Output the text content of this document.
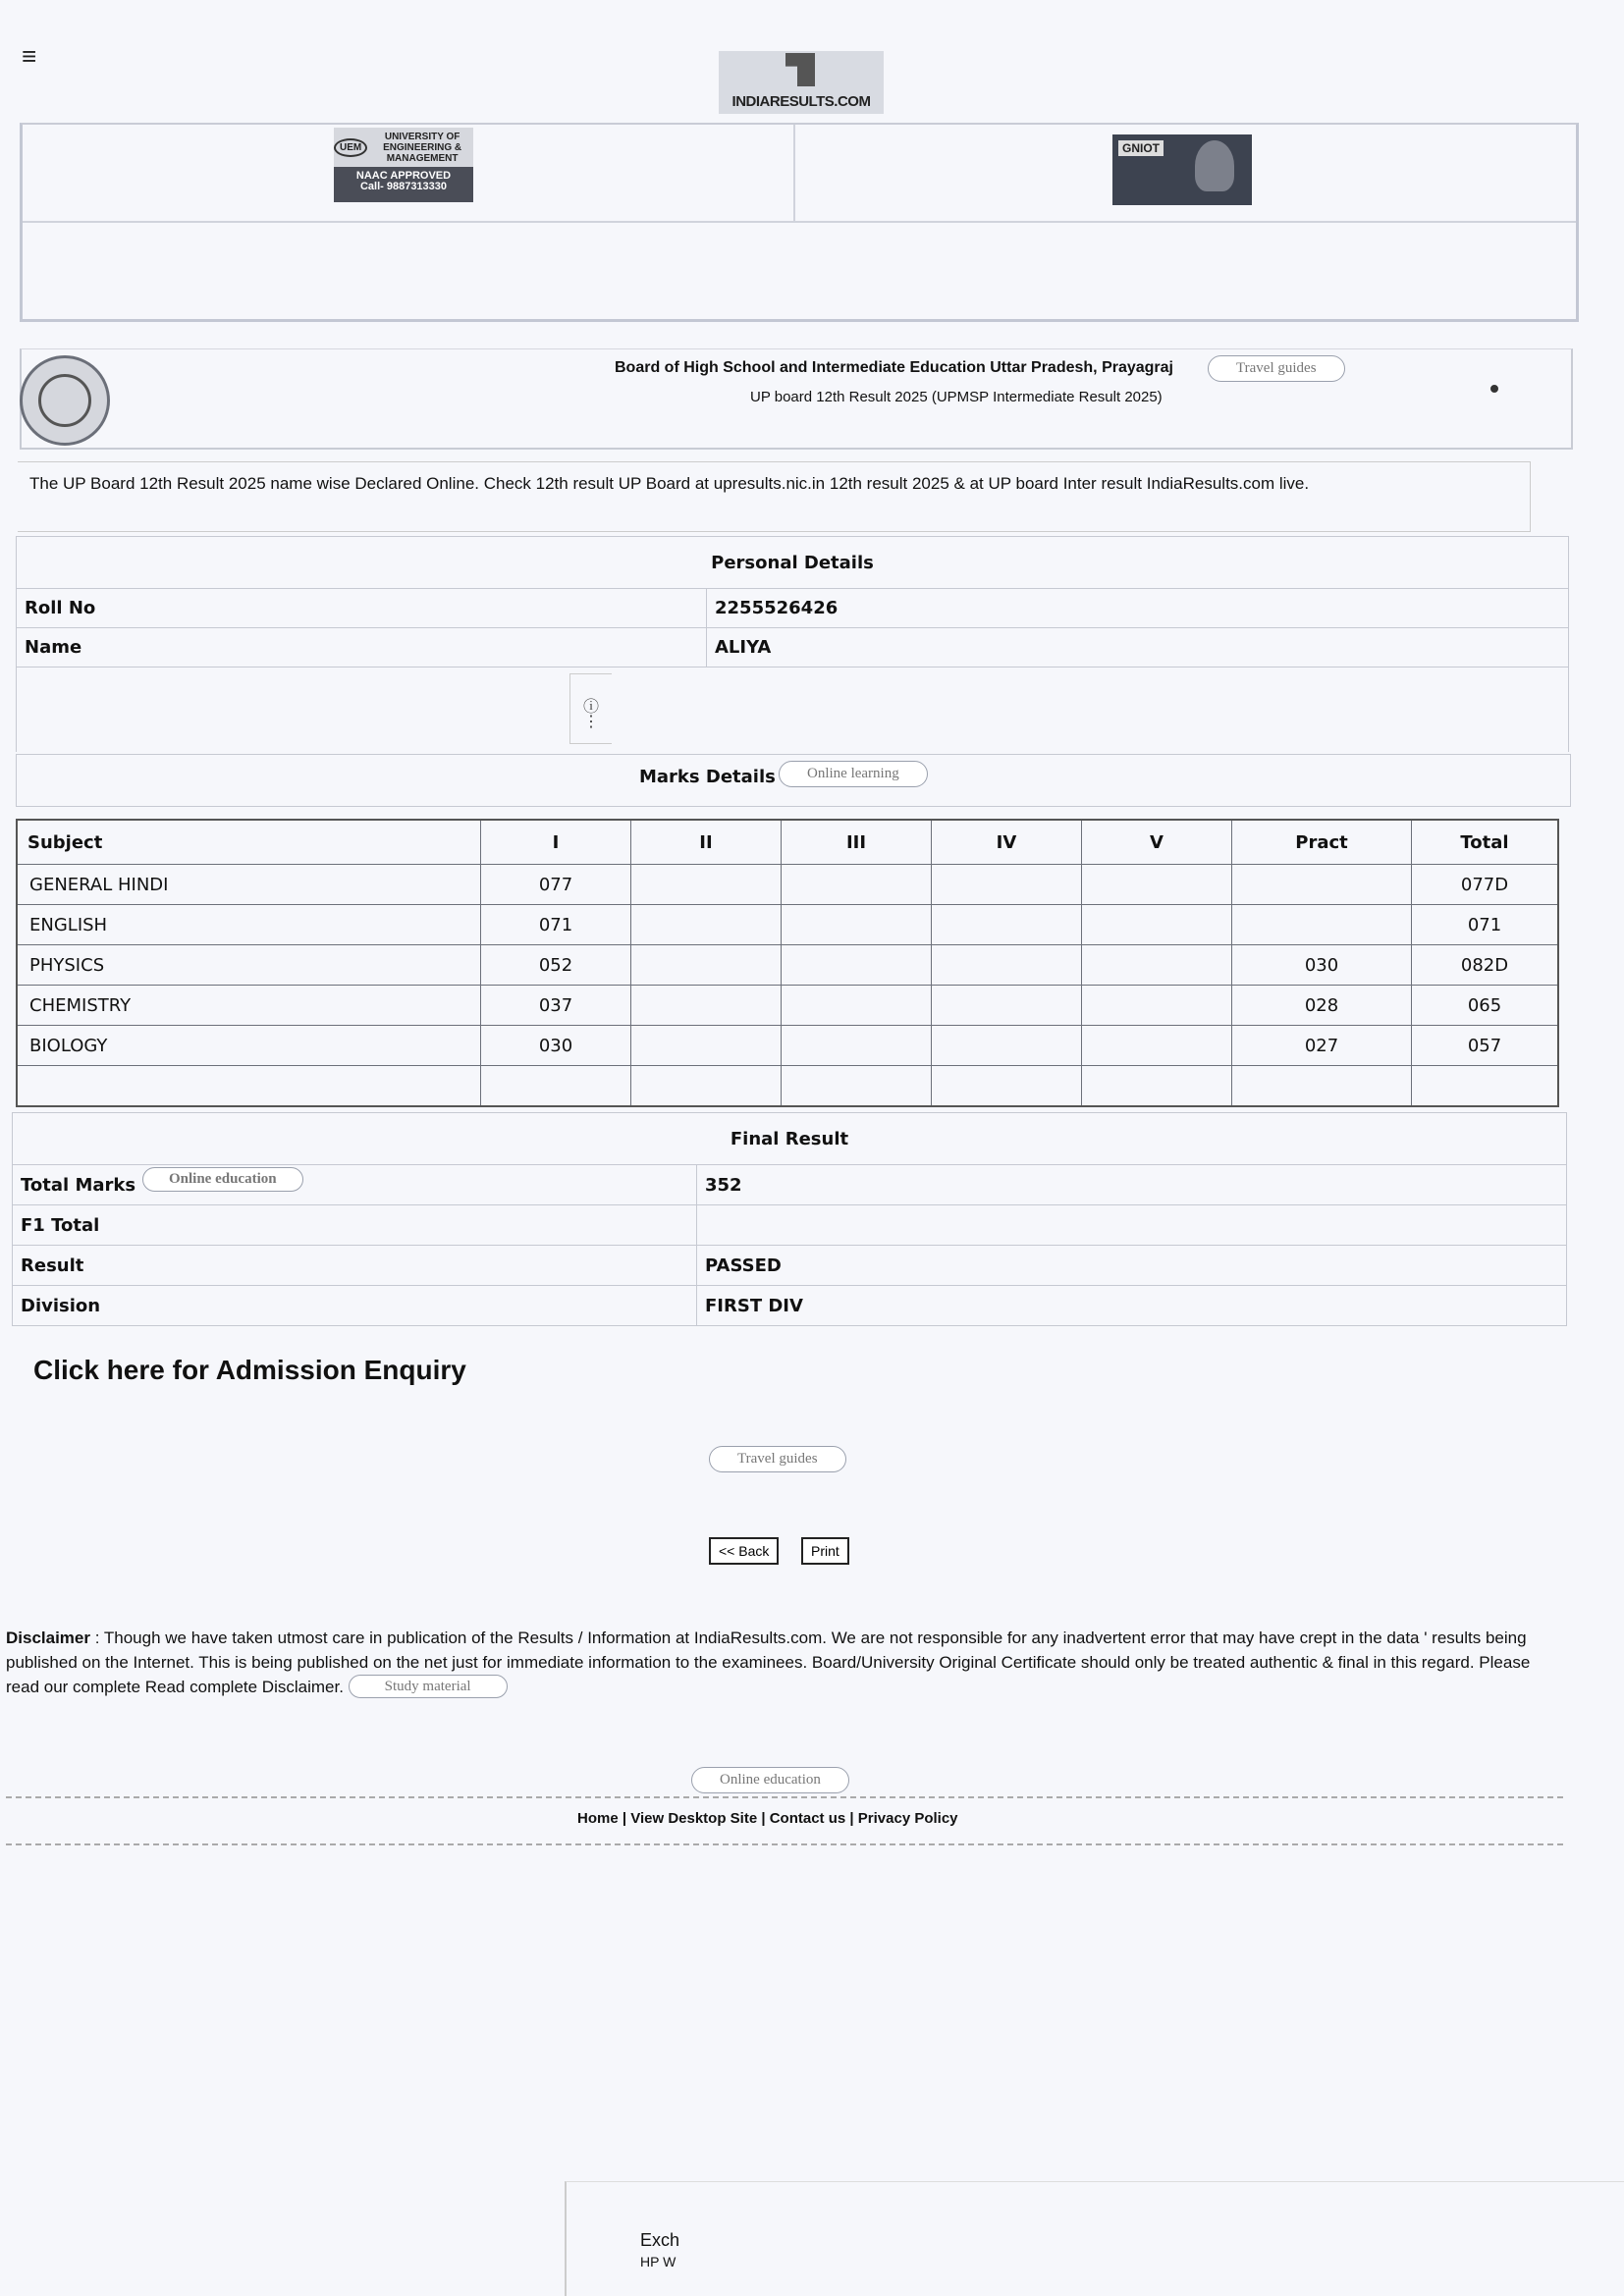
≡
INDIARESULTS.COM
UEM
UNIVERSITY OF ENGINEERING & MANAGEMENT
NAAC APPROVED
Call- 9887313330
GNIOT
Board of High School and Intermediate Education Uttar Pradesh, Prayagraj	Travel guides
UP board 12th Result 2025 (UPMSP Intermediate Result 2025)
The UP Board 12th Result 2025 name wise Declared Online. Check 12th result UP Board at upresults.nic.in 12th result 2025 & at UP board Inter result IndiaResults.com live.
Personal Details	
Roll No	2255526426
Name	ALIYA

ⓘ
⋮
Marks Details	Online learning
Subject	I	II	III	IV	V	Pract	Total
GENERAL HINDI	077						077D
ENGLISH	071						071
PHYSICS	052					030	082D
CHEMISTRY	037					028	065
BIOLOGY	030					027	057

Final Result	
Total Marks Online education	352
F1 Total	
Result	PASSED
Division	FIRST DIV
Click here for Admission Enquiry
Travel guides
<< Back	Print
Disclaimer : Though we have taken utmost care in publication of the Results / Information at IndiaResults.com. We are not responsible for any inadvertent error that may have crept in the data ' results being published on the Internet. This is being published on the net just for immediate information to the examinees. Board/University Original Certificate should only be treated authentic & final in this regard. Please read our complete Read complete Disclaimer.	Study material
Online education
Home | View Desktop Site | Contact us | Privacy Policy
Exch
HP W
